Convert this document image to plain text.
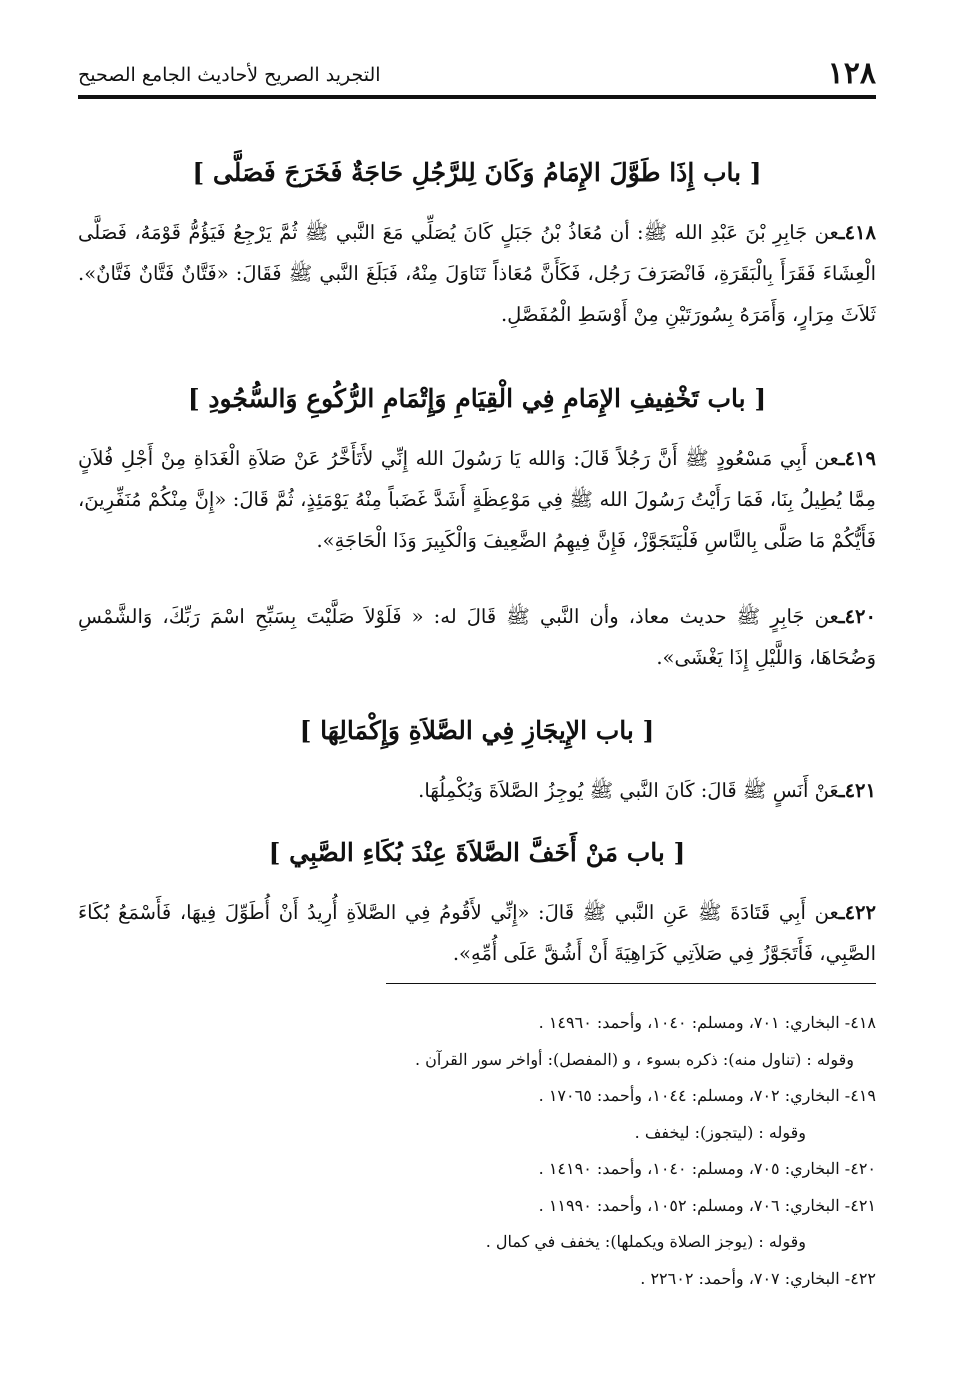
١٢٨
التجريد الصريح لأحاديث الجامع الصحيح

[ باب إِذَا طَوَّلَ الإِمَامُ وَكَانَ لِلرَّجُلِ حَاجَةٌ فَخَرَجَ فَصَلَّى ]

٤١٨ـعن جَابِرِ بْنَ عَبْدِ الله ﷺ: أن مُعَاذُ بْنُ جَبَلٍ كَانَ يُصَلِّي مَعَ النَّبي ﷺ ثُمَّ يَرْجِعُ فَيَؤُمُّ قَوْمَهُ، فَصَلَّى الْعِشَاءَ فَقَرَأَ بِالْبَقَرَةِ، فَانْصَرَفَ رَجُل، فَكَأَنَّ مُعَاذاً تَنَاوَلَ مِنْهُ، فَبَلَغَ النَّبي ﷺ فَقَالَ: «فَتَّانٌ فَتَّانٌ فَتَّانٌ». ثَلاَثَ مِرَارٍ، وَأَمَرَهُ بِسُورَتَيْنِ مِنْ أَوْسَطِ الْمُفَصَّلِ.

[ باب تَخْفِيفِ الإِمَامِ فِي الْقِيَامِ وَإِتْمَامِ الرُّكُوعِ وَالسُّجُودِ ]

٤١٩ـعن أَبِي مَسْعُودٍ ﷺ أَنَّ رَجُلاً قَالَ: وَالله يَا رَسُولَ الله إِنِّي لأَتَأَخَّرُ عَنْ صَلاَةِ الْغَدَاةِ مِنْ أَجْلِ فُلاَنٍ مِمَّا يُطِيلُ بِنَا، فَمَا رَأَيْتُ رَسُولَ الله ﷺ فِي مَوْعِظَةٍ أَشَدَّ غَضَباً مِنْهُ يَوْمَئِذٍ، ثُمَّ قَالَ: «إِنَّ مِنْكُمْ مُنَفِّرِينَ، فَأَيُّكُمْ مَا صَلَّى بِالنَّاسِ فَلْيَتَجَوَّزْ، فَإِنَّ فِيهِمُ الضَّعِيفَ وَالْكَبِيرَ وَذَا الْحَاجَةِ».

٤٢٠ـعن جَابِرٍ ﷺ حديث معاذ، وأن النَّبي ﷺ قَالَ له: « فَلَوْلاَ صَلَّيْتَ بِسَبِّحِ اسْمَ رَبِّكَ، وَالشَّمْسِ وَضُحَاهَا، وَاللَّيْلِ إِذَا يَغْشَى».

[ باب الإِيجَازِ فِي الصَّلاَةِ وَإِكْمَالِهَا ]

٤٢١ـعَنْ أَنَسٍ ﷺ قَالَ: كَانَ النَّبي ﷺ يُوجِزُ الصَّلاَةَ وَيُكْمِلُهَا.

[ باب مَنْ أَخَفَّ الصَّلاَةَ عِنْدَ بُكَاءِ الصَّبِي ]

٤٢٢ـعن أَبِي قَتَادَةَ ﷺ عَنِ النَّبي ﷺ قَالَ: «إِنِّي لأَقُومُ فِي الصَّلاَةِ أُرِيدُ أَنْ أُطَوِّلَ فِيهَا، فَأَسْمَعُ بُكَاءَ الصَّبِي، فَأَتَجَوَّزُ فِي صَلاَتِي كَرَاهِيَةَ أَنْ أَشُقَّ عَلَى أُمِّهِ».

٤١٨- البخاري: ٧٠١، ومسلم: ١٠٤٠، وأحمد: ١٤٩٦٠ .

وقوله : (تناول منه): ذكره بسوء ، و (المفصل): أواخر سور القرآن .

٤١٩- البخاري: ٧٠٢، ومسلم: ١٠٤٤، وأحمد: ١٧٠٦٥ .

وقوله : (ليتجوز): ليخفف .

٤٢٠- البخاري: ٧٠٥، ومسلم: ١٠٤٠، وأحمد: ١٤١٩٠ .

٤٢١- البخاري: ٧٠٦، ومسلم: ١٠٥٢، وأحمد: ١١٩٩٠ .

وقوله : (يوجز الصلاة ويكملها): يخفف في كمال .

٤٢٢- البخاري: ٧٠٧، وأحمد: ٢٢٦٠٢ .
